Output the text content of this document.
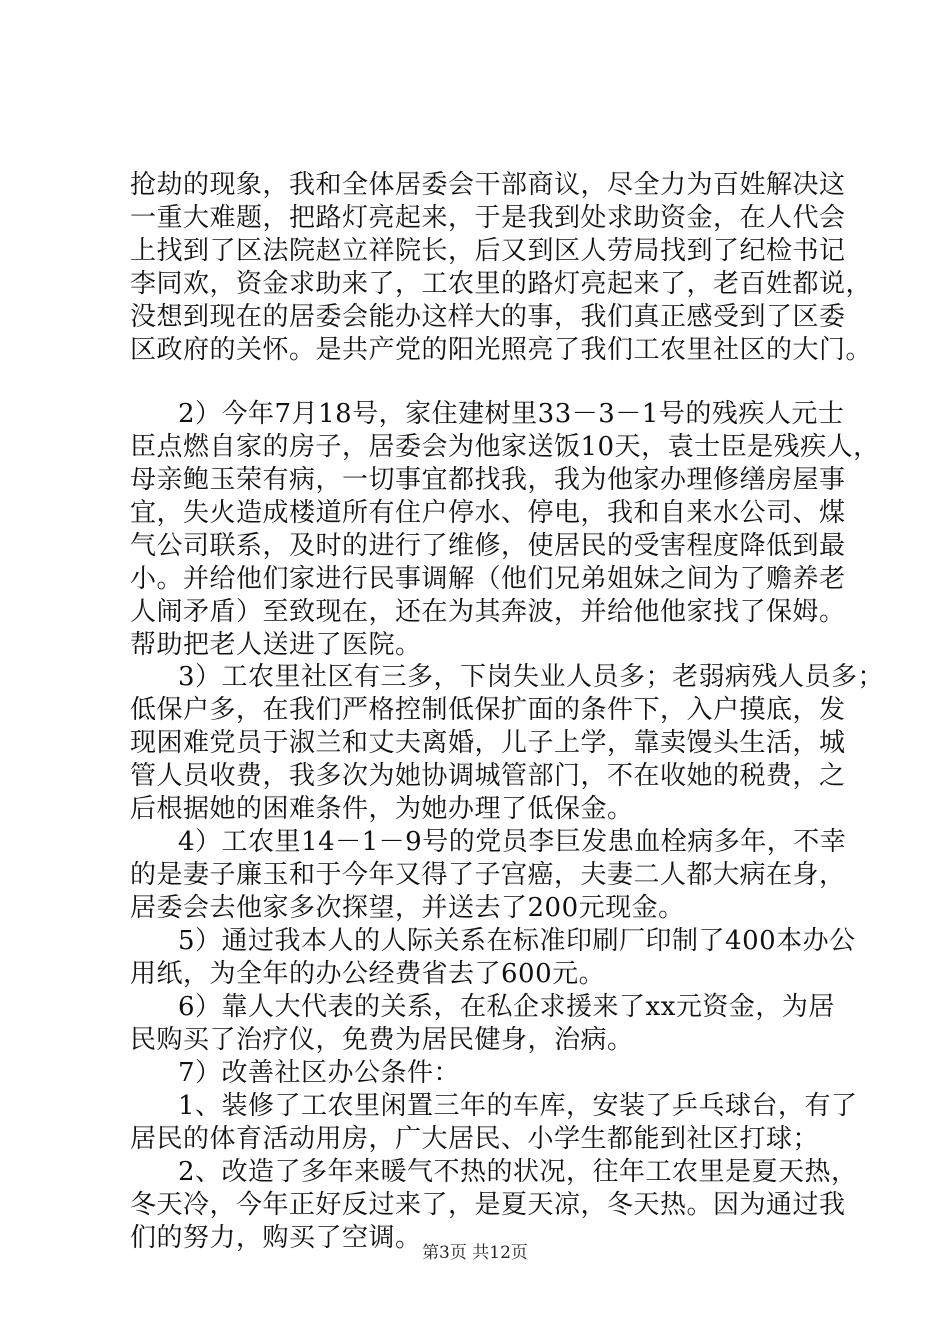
抢劫的现象，我和全体居委会干部商议，尽全力为百姓解决这
一重大难题，把路灯亮起来，于是我到处求助资金，在人代会
上找到了区法院赵立祥院长，后又到区人劳局找到了纪检书记
李同欢，资金求助来了，工农里的路灯亮起来了，老百姓都说，
没想到现在的居委会能办这样大的事，我们真正感受到了区委
区政府的关怀。是共产党的阳光照亮了我们工农里社区的大门。
2）今年7月18号，家住建树里33－3－1号的残疾人元士
臣点燃自家的房子，居委会为他家送饭10天，袁士臣是残疾人，
母亲鲍玉荣有病，一切事宜都找我，我为他家办理修缮房屋事
宜，失火造成楼道所有住户停水、停电，我和自来水公司、煤
气公司联系，及时的进行了维修，使居民的受害程度降低到最
小。并给他们家进行民事调解（他们兄弟姐妹之间为了赡养老
人闹矛盾）至致现在，还在为其奔波，并给他他家找了保姆。
帮助把老人送进了医院。
3）工农里社区有三多，下岗失业人员多；老弱病残人员多；
低保户多，在我们严格控制低保扩面的条件下，入户摸底，发
现困难党员于淑兰和丈夫离婚，儿子上学，靠卖馒头生活，城
管人员收费，我多次为她协调城管部门，不在收她的税费，之
后根据她的困难条件，为她办理了低保金。
4）工农里14－1－9号的党员李巨发患血栓病多年，不幸
的是妻子廉玉和于今年又得了子宫癌，夫妻二人都大病在身，
居委会去他家多次探望，并送去了200元现金。
5）通过我本人的人际关系在标准印刷厂印制了400本办公
用纸，为全年的办公经费省去了600元。
6）靠人大代表的关系，在私企求援来了xx元资金，为居
民购买了治疗仪，免费为居民健身，治病。
7）改善社区办公条件：
1、装修了工农里闲置三年的车库，安装了乒乓球台，有了
居民的体育活动用房，广大居民、小学生都能到社区打球；
2、改造了多年来暖气不热的状况，往年工农里是夏天热，
冬天冷，今年正好反过来了，是夏天凉，冬天热。因为通过我
们的努力，购买了空调。 第3页 共12页
